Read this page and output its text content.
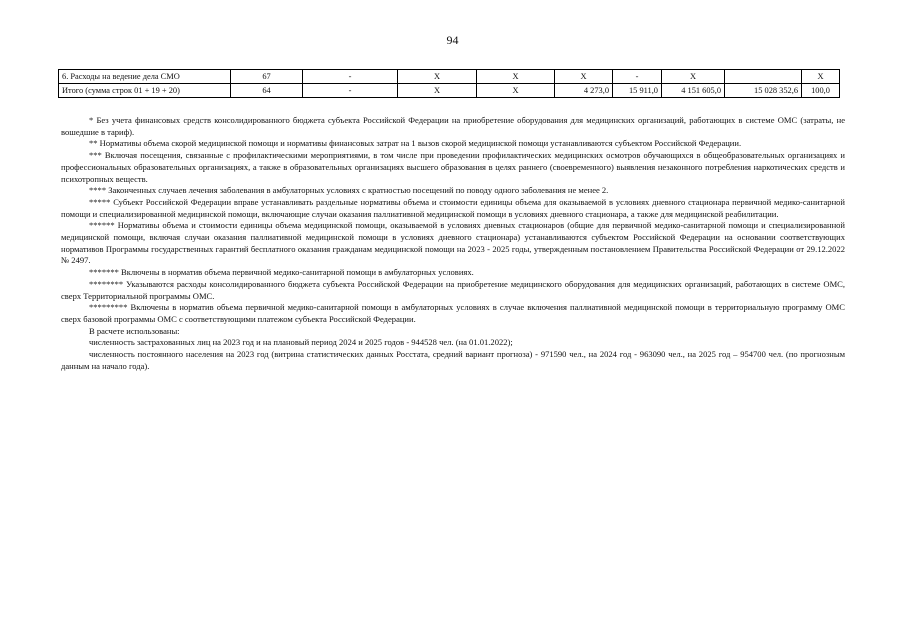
94
6. Расходы на ведение дела СМО	67	-	X	X	X	-	X		X
Итого (сумма строк 01 + 19 + 20)	64	-	X	X	4 273,0	15 911,0	4 151 605,0	15 028 352,6	100,0

* Без учета финансовых средств консолидированного бюджета субъекта Российской Федерации на приобретение оборудования для медицинских организаций, работающих в системе ОМС (затраты, не вошедшие в тариф).

** Нормативы объема скорой медицинской помощи и нормативы финансовых затрат на 1 вызов скорой медицинской помощи устанавливаются субъектом Российской Федерации.

*** Включая посещения, связанные с профилактическими мероприятиями, в том числе при проведении профилактических медицинских осмотров обучающихся в общеобразовательных организациях и профессиональных образовательных организациях, а также в образовательных организациях высшего образования в целях раннего (своевременного) выявления незаконного потребления наркотических средств и психотропных веществ.

**** Законченных случаев лечения заболевания в амбулаторных условиях с кратностью посещений по поводу одного заболевания не менее 2.

***** Субъект Российской Федерации вправе устанавливать раздельные нормативы объема и стоимости единицы объема для оказываемой в условиях дневного стационара первичной медико-санитарной помощи и специализированной медицинской помощи, включающие случаи оказания паллиативной медицинской помощи в условиях дневного стационара, а также для медицинской реабилитации.

****** Нормативы объема и стоимости единицы объема медицинской помощи, оказываемой в условиях дневных стационаров (общие для первичной медико-санитарной помощи и специализированной медицинской помощи, включая случаи оказания паллиативной медицинской помощи в условиях дневного стационара) устанавливаются субъектом Российской Федерации на основании соответствующих нормативов Программы государственных гарантий бесплатного оказания гражданам медицинской помощи на 2023 - 2025 годы, утвержденным постановлением Правительства Российской Федерации от 29.12.2022 № 2497.

******* Включены в норматив объема первичной медико-санитарной помощи в амбулаторных условиях.

******** Указываются расходы консолидированного бюджета субъекта Российской Федерации на приобретение медицинского оборудования для медицинских организаций, работающих в системе ОМС, сверх Территориальной программы ОМС.

********* Включены в норматив объема первичной медико-санитарной помощи в амбулаторных условиях в случае включения паллиативной медицинской помощи в территориальную программу ОМС сверх базовой программы ОМС с соответствующими платежом субъекта Российской Федерации.

В расчете использованы:

численность застрахованных лиц на 2023 год и на плановый период 2024 и 2025 годов - 944528 чел. (на 01.01.2022);

численность постоянного населения на 2023 год (витрина статистических данных Росстата, средний вариант прогноза) - 971590 чел., на 2024 год - 963090 чел., на 2025 год – 954700 чел. (по прогнозным данным на начало года).
